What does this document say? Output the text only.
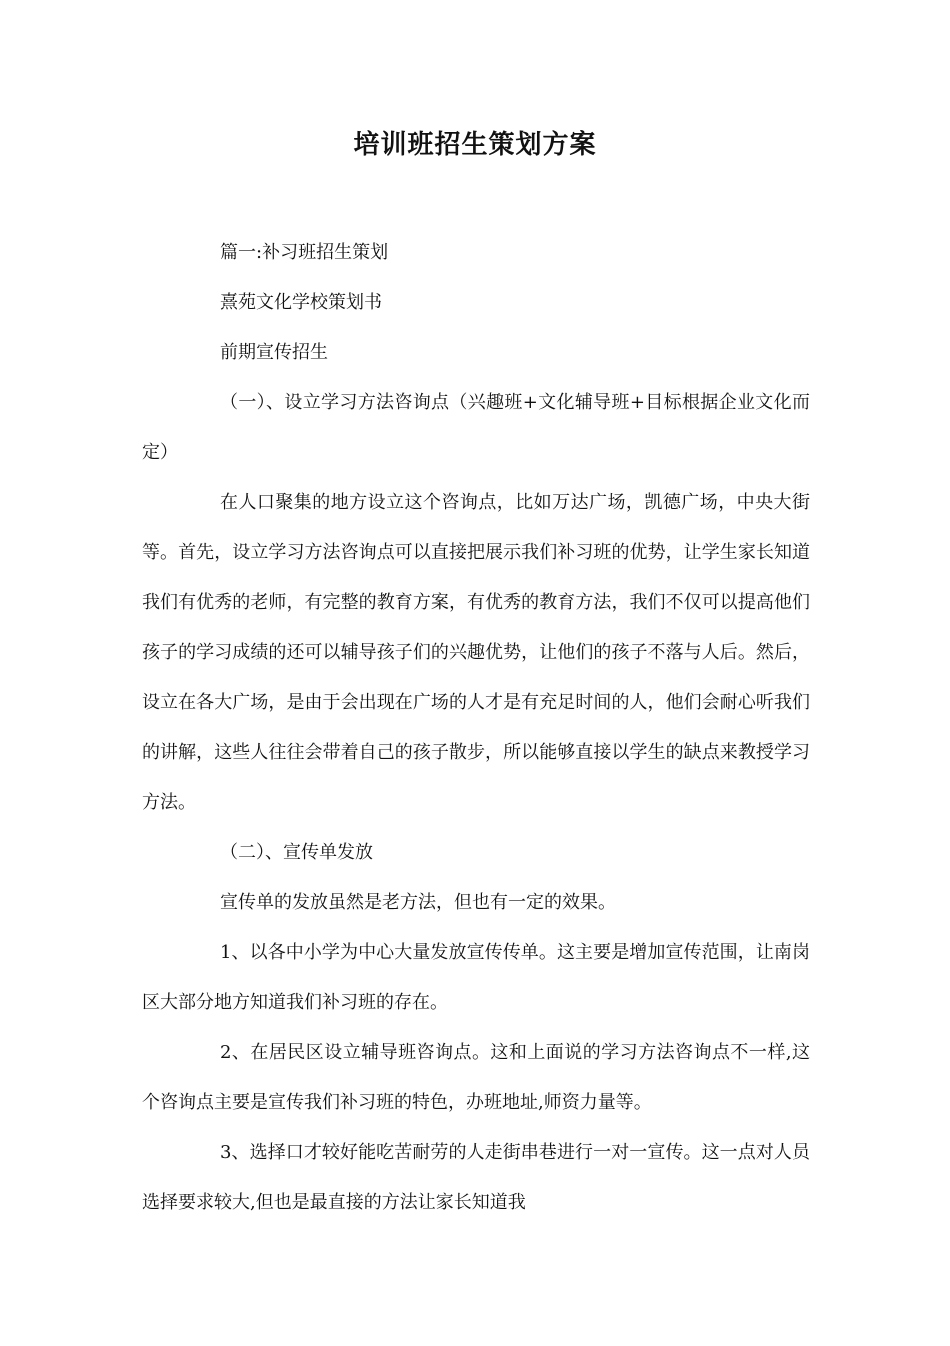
培训班招生策划方案

篇一:补习班招生策划

熹苑文化学校策划书

前期宣传招生

（一）、设立学习方法咨询点（兴趣班+文化辅导班+目标根据企业文化而定）

在人口聚集的地方设立这个咨询点，比如万达广场，凯德广场，中央大街等。首先，设立学习方法咨询点可以直接把展示我们补习班的优势，让学生家长知道我们有优秀的老师，有完整的教育方案，有优秀的教育方法，我们不仅可以提高他们孩子的学习成绩的还可以辅导孩子们的兴趣优势，让他们的孩子不落与人后。然后，设立在各大广场，是由于会出现在广场的人才是有充足时间的人，他们会耐心听我们的讲解，这些人往往会带着自己的孩子散步，所以能够直接以学生的缺点来教授学习方法。

（二）、宣传单发放

宣传单的发放虽然是老方法，但也有一定的效果。

1、以各中小学为中心大量发放宣传传单。这主要是增加宣传范围，让南岗区大部分地方知道我们补习班的存在。

2、在居民区设立辅导班咨询点。这和上面说的学习方法咨询点不一样,这个咨询点主要是宣传我们补习班的特色，办班地址,师资力量等。

3、选择口才较好能吃苦耐劳的人走街串巷进行一对一宣传。这一点对人员选择要求较大,但也是最直接的方法让家长知道我
